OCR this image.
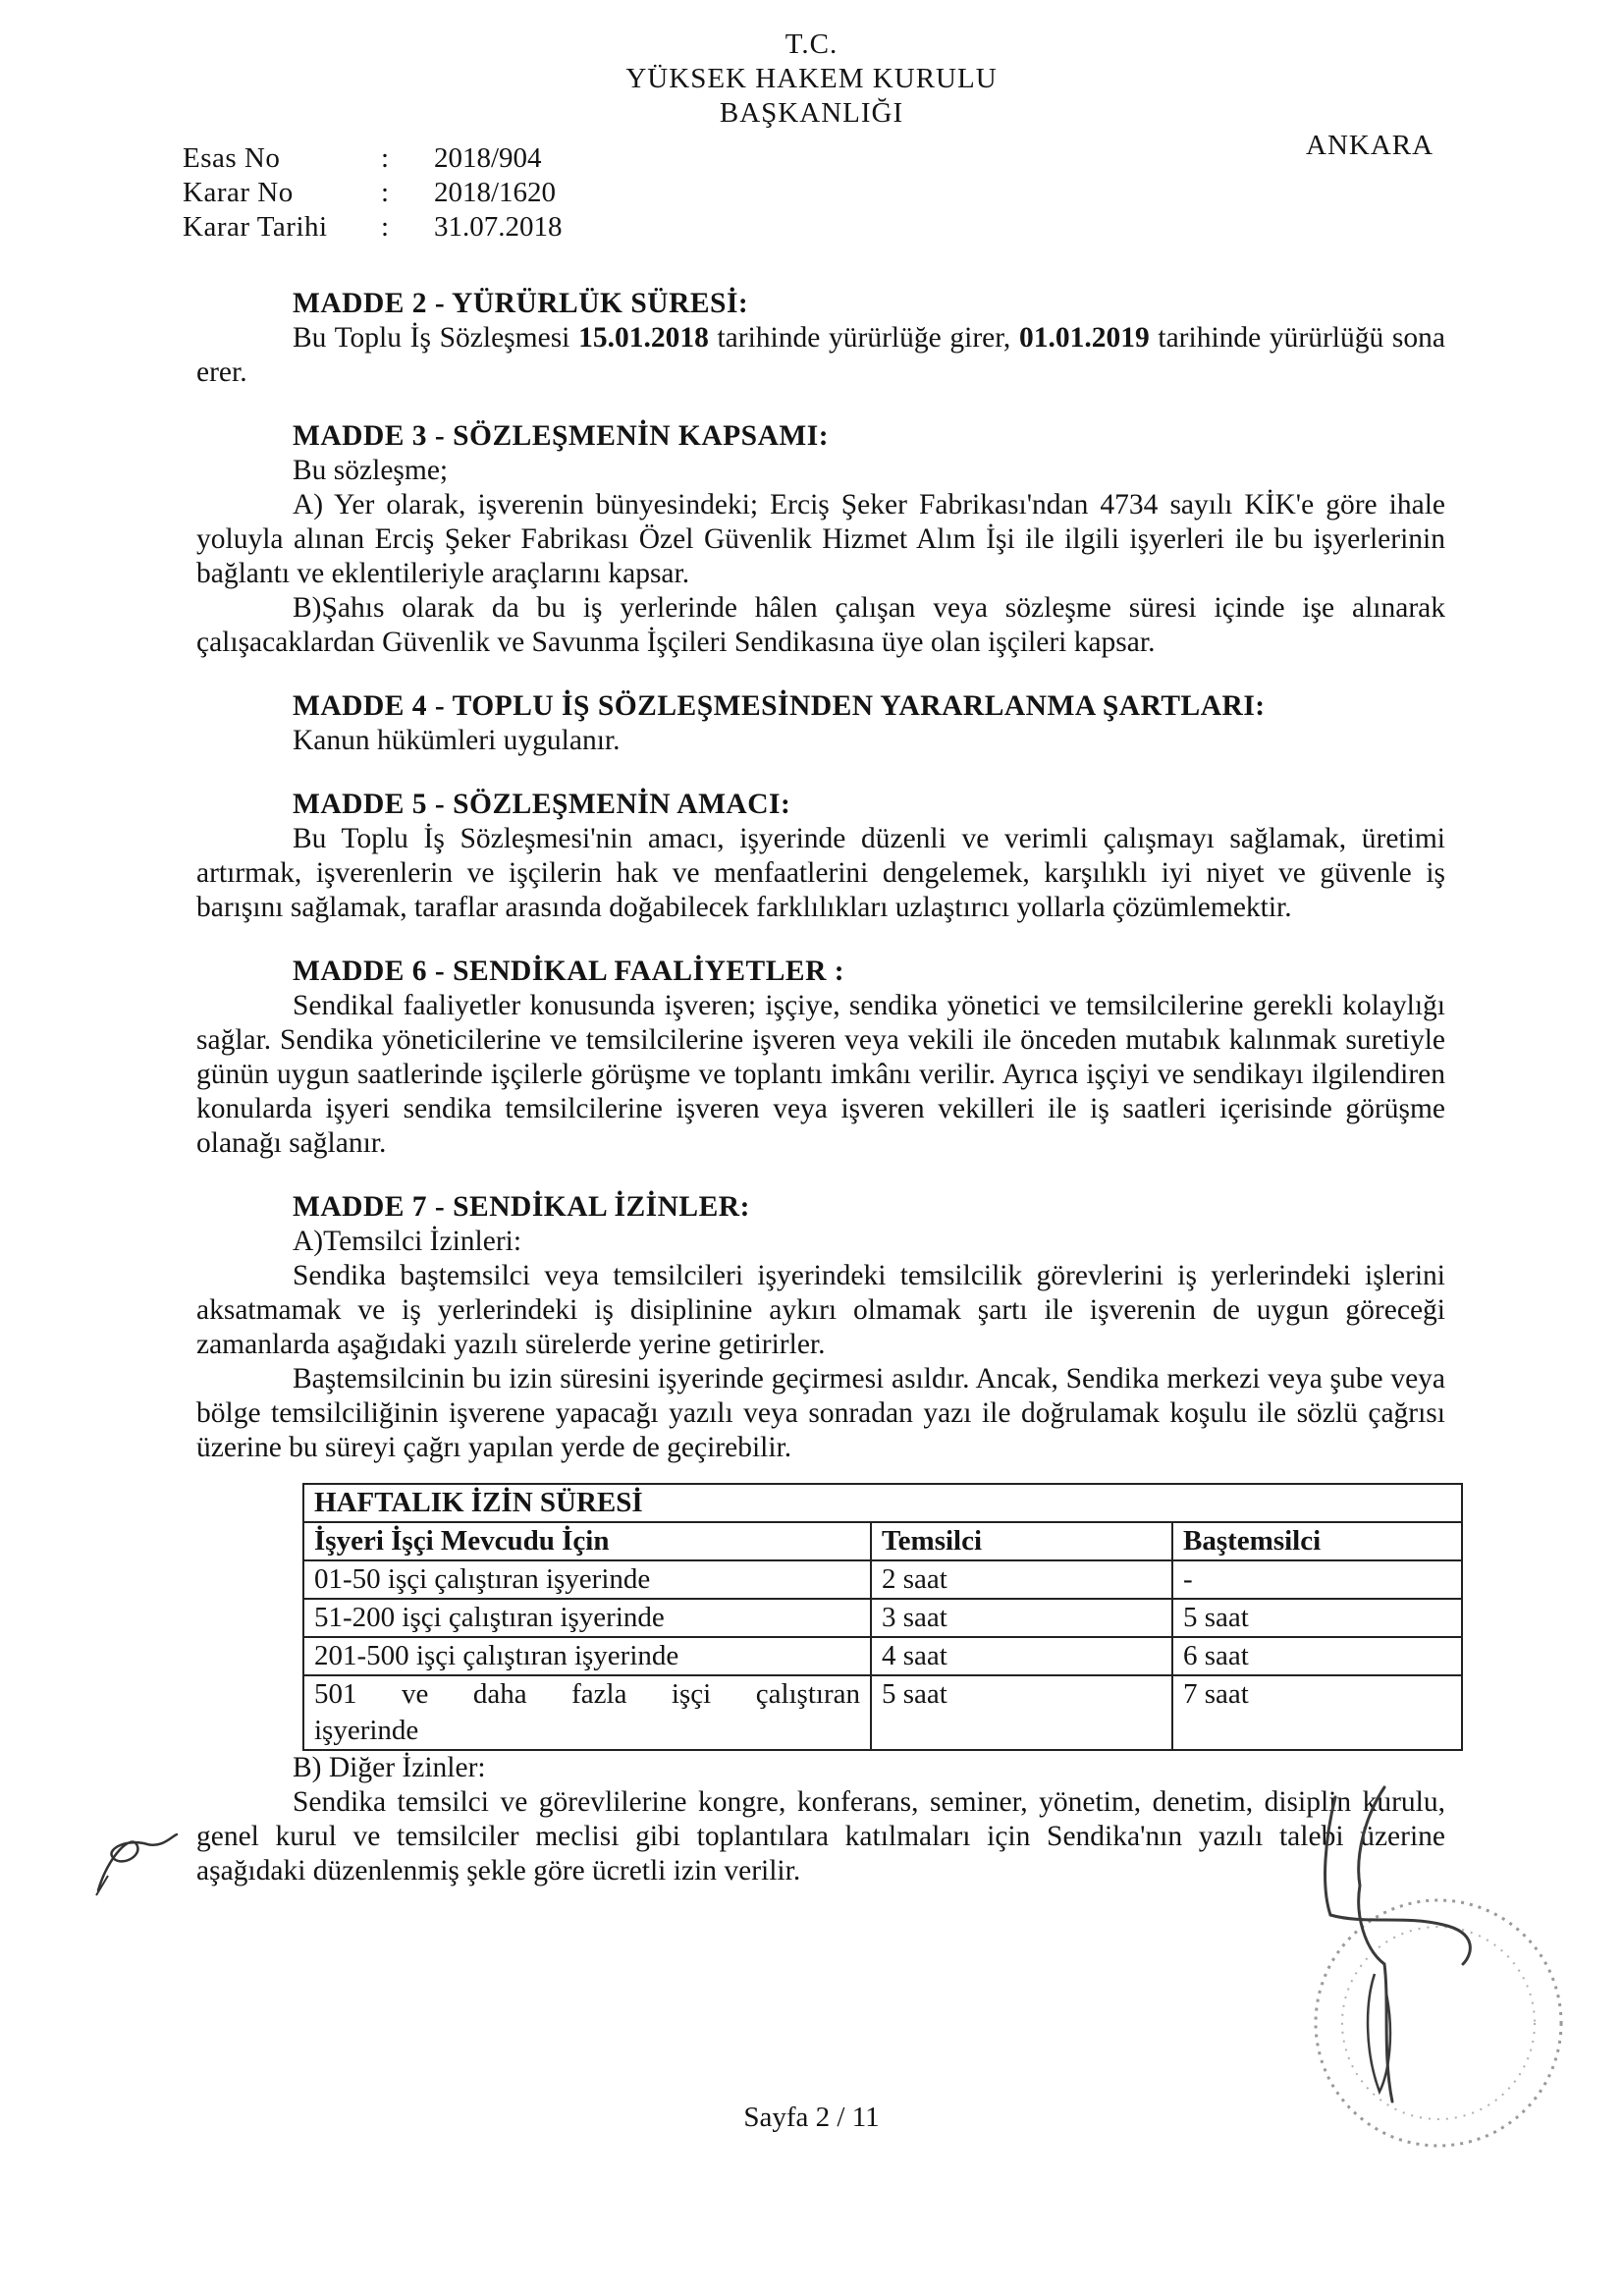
T.C.
YÜKSEK HAKEM KURULU
BAŞKANLIĞI
ANKARA
Esas No	:	2018/904
Karar No	:	2018/1620
Karar Tarihi	:	31.07.2018
MADDE 2 - YÜRÜRLÜK SÜRESİ:

Bu Toplu İş Sözleşmesi 15.01.2018 tarihinde yürürlüğe girer, 01.01.2019 tarihinde yürürlüğü sona erer.

MADDE 3 - SÖZLEŞMENİN KAPSAMI:

Bu sözleşme;

A) Yer olarak, işverenin bünyesindeki; Erciş Şeker Fabrikası'ndan 4734 sayılı KİK'e göre ihale yoluyla alınan Erciş Şeker Fabrikası Özel Güvenlik Hizmet Alım İşi ile ilgili işyerleri ile bu işyerlerinin bağlantı ve eklentileriyle araçlarını kapsar.

B)Şahıs olarak da bu iş yerlerinde hâlen çalışan veya sözleşme süresi içinde işe alınarak çalışacaklardan Güvenlik ve Savunma İşçileri Sendikasına üye olan işçileri kapsar.

MADDE 4 - TOPLU İŞ SÖZLEŞMESİNDEN YARARLANMA ŞARTLARI:

Kanun hükümleri uygulanır.

MADDE 5 - SÖZLEŞMENİN AMACI:

Bu Toplu İş Sözleşmesi'nin amacı, işyerinde düzenli ve verimli çalışmayı sağlamak, üretimi artırmak, işverenlerin ve işçilerin hak ve menfaatlerini dengelemek, karşılıklı iyi niyet ve güvenle iş barışını sağlamak, taraflar arasında doğabilecek farklılıkları uzlaştırıcı yollarla çözümlemektir.

MADDE 6 - SENDİKAL FAALİYETLER :

Sendikal faaliyetler konusunda işveren; işçiye, sendika yönetici ve temsilcilerine gerekli kolaylığı sağlar. Sendika yöneticilerine ve temsilcilerine işveren veya vekili ile önceden mutabık kalınmak suretiyle günün uygun saatlerinde işçilerle görüşme ve toplantı imkânı verilir. Ayrıca işçiyi ve sendikayı ilgilendiren konularda işyeri sendika temsilcilerine işveren veya işveren vekilleri ile iş saatleri içerisinde görüşme olanağı sağlanır.

MADDE 7 - SENDİKAL İZİNLER:

A)Temsilci İzinleri:

Sendika baştemsilci veya temsilcileri işyerindeki temsilcilik görevlerini iş yerlerindeki işlerini aksatmamak ve iş yerlerindeki iş disiplinine aykırı olmamak şartı ile işverenin de uygun göreceği zamanlarda aşağıdaki yazılı sürelerde yerine getirirler.

Baştemsilcinin bu izin süresini işyerinde geçirmesi asıldır. Ancak, Sendika merkezi veya şube veya bölge temsilciliğinin işverene yapacağı yazılı veya sonradan yazı ile doğrulamak koşulu ile sözlü çağrısı üzerine bu süreyi çağrı yapılan yerde de geçirebilir.

HAFTALIK İZİN SÜRESİ		
İşyeri İşçi Mevcudu İçin	Temsilci	Baştemsilci
01-50 işçi çalıştıran işyerinde	2 saat	-
51-200 işçi çalıştıran işyerinde	3 saat	5 saat
201-500 işçi çalıştıran işyerinde	4 saat	6 saat

501 ve daha fazla işçi çalıştıran
işyerinde	5 saat	7 saat

B) Diğer İzinler:

Sendika temsilci ve görevlilerine kongre, konferans, seminer, yönetim, denetim, disiplin kurulu, genel kurul ve temsilciler meclisi gibi toplantılara katılmaları için Sendika'nın yazılı talebi üzerine aşağıdaki düzenlenmiş şekle göre ücretli izin verilir.

Sayfa 2 / 11
